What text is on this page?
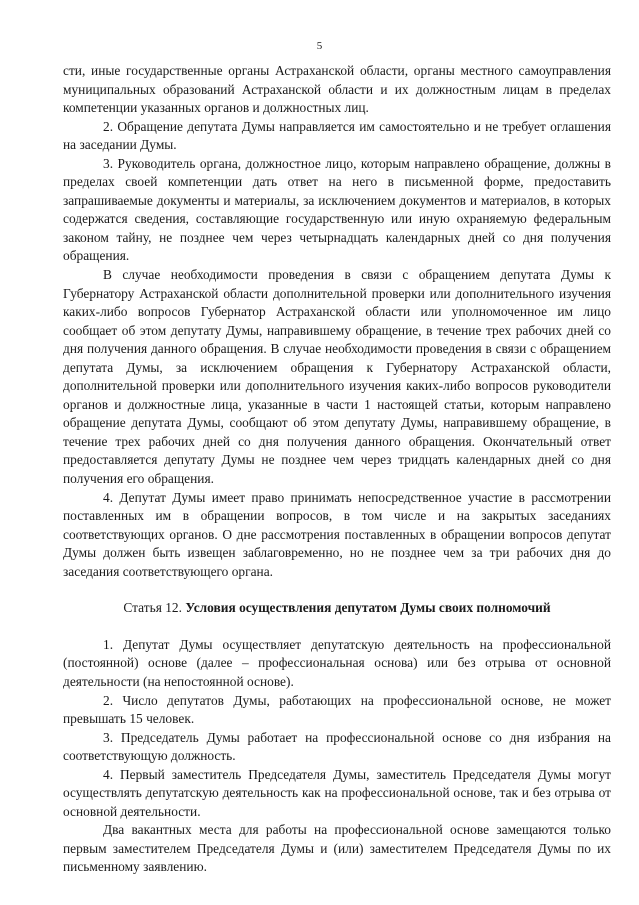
5

сти, иные государственные органы Астраханской области, органы местного самоуправления муниципальных образований Астраханской области и их должностным лицам в пределах компетенции указанных органов и должностных лиц.

2. Обращение депутата Думы направляется им самостоятельно и не требует оглашения на заседании Думы.

3. Руководитель органа, должностное лицо, которым направлено обращение, должны в пределах своей компетенции дать ответ на него в письменной форме, предоставить запрашиваемые документы и материалы, за исключением документов и материалов, в которых содержатся сведения, составляющие государственную или иную охраняемую федеральным законом тайну, не позднее чем через четырнадцать календарных дней со дня получения обращения.

В случае необходимости проведения в связи с обращением депутата Думы к Губернатору Астраханской области дополнительной проверки или дополнительного изучения каких-либо вопросов Губернатор Астраханской области или уполномоченное им лицо сообщает об этом депутату Думы, направившему обращение, в течение трех рабочих дней со дня получения данного обращения. В случае необходимости проведения в связи с обращением депутата Думы, за исключением обращения к Губернатору Астраханской области, дополнительной проверки или дополнительного изучения каких-либо вопросов руководители органов и должностные лица, указанные в части 1 настоящей статьи, которым направлено обращение депутата Думы, сообщают об этом депутату Думы, направившему обращение, в течение трех рабочих дней со дня получения данного обращения. Окончательный ответ предоставляется депутату Думы не позднее чем через тридцать календарных дней со дня получения его обращения.

4. Депутат Думы имеет право принимать непосредственное участие в рассмотрении поставленных им в обращении вопросов, в том числе и на закрытых заседаниях соответствующих органов. О дне рассмотрения поставленных в обращении вопросов депутат Думы должен быть извещен заблаговременно, но не позднее чем за три рабочих дня до заседания соответствующего органа.

Статья 12. Условия осуществления депутатом Думы своих полномочий

1. Депутат Думы осуществляет депутатскую деятельность на профессиональной (постоянной) основе (далее – профессиональная основа) или без отрыва от основной деятельности (на непостоянной основе).

2. Число депутатов Думы, работающих на профессиональной основе, не может превышать 15 человек.

3. Председатель Думы работает на профессиональной основе со дня избрания на соответствующую должность.

4. Первый заместитель Председателя Думы, заместитель Председателя Думы могут осуществлять депутатскую деятельность как на профессиональной основе, так и без отрыва от основной деятельности.

Два вакантных места для работы на профессиональной основе замещаются только первым заместителем Председателя Думы и (или) заместителем Председателя Думы по их письменному заявлению.
